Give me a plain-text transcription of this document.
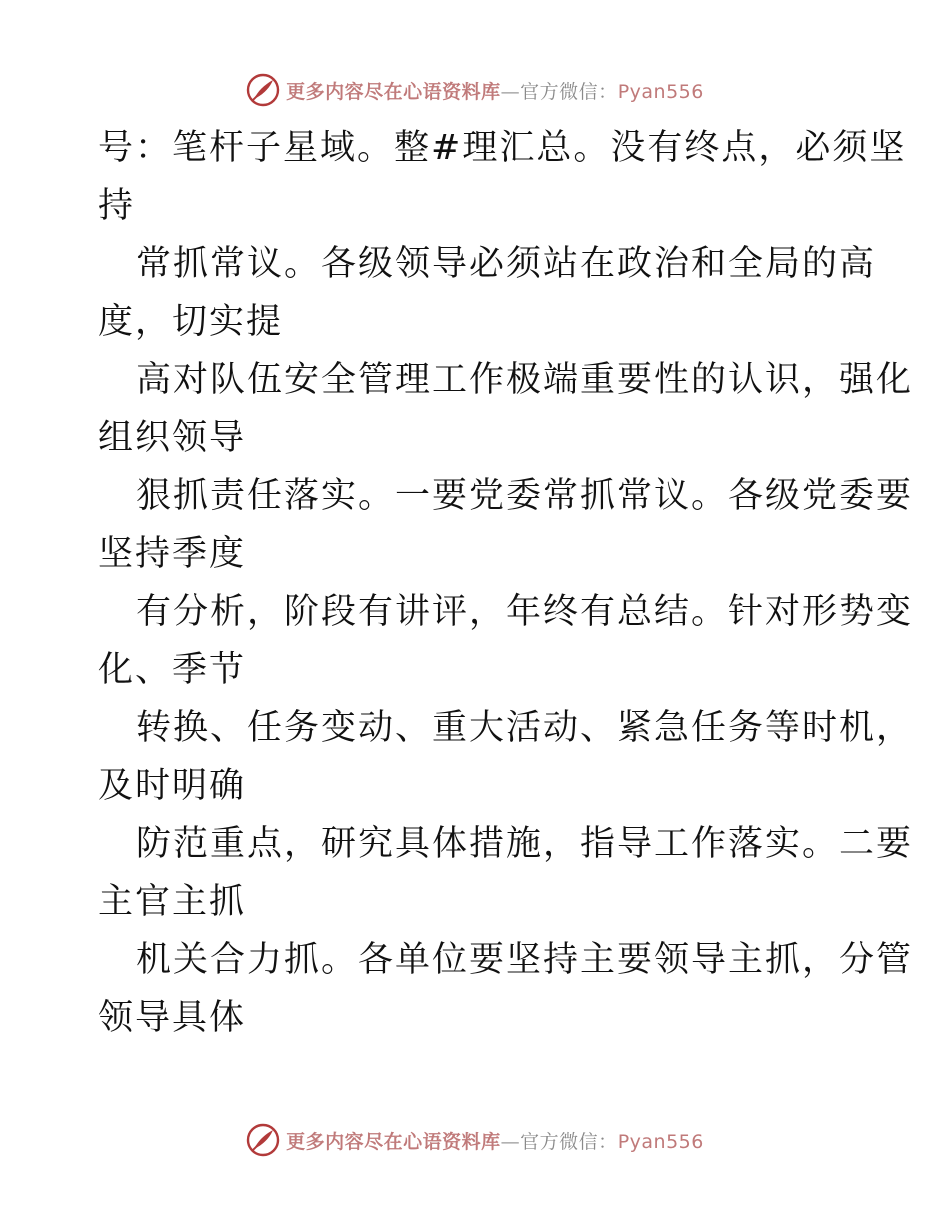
更多内容尽在心语资料库—官方微信：Pyan556
号：笔杆子星域。整#理汇总。没有终点，必须坚
持
常抓常议。各级领导必须站在政治和全局的高
度，切实提
高对队伍安全管理工作极端重要性的认识，强化
组织领导
狠抓责任落实。一要党委常抓常议。各级党委要
坚持季度
有分析，阶段有讲评，年终有总结。针对形势变
化、季节
转换、任务变动、重大活动、紧急任务等时机，
及时明确
防范重点，研究具体措施，指导工作落实。二要
主官主抓
机关合力抓。各单位要坚持主要领导主抓，分管
领导具体
更多内容尽在心语资料库—官方微信：Pyan556
